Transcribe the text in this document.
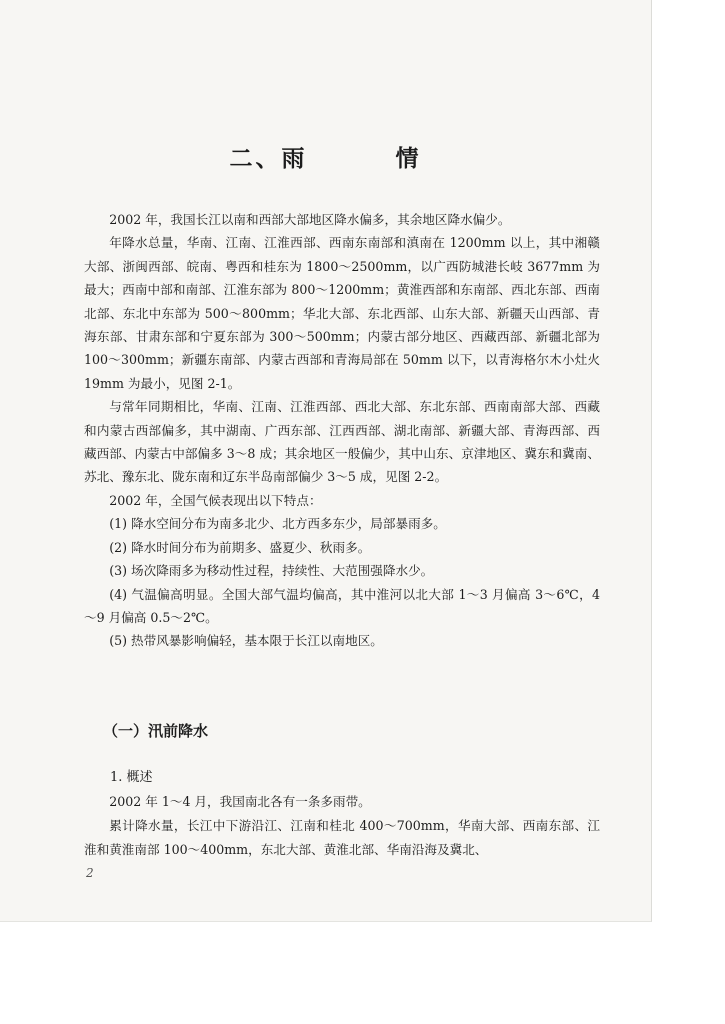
二、雨	情

2002 年，我国长江以南和西部大部地区降水偏多，其余地区降水偏少。

年降水总量，华南、江南、江淮西部、西南东南部和滇南在 1200mm 以上，其中湘赣大部、浙闽西部、皖南、粤西和桂东为 1800～2500mm，以广西防城港长岐 3677mm 为最大；西南中部和南部、江淮东部为 800～1200mm；黄淮西部和东南部、西北东部、西南北部、东北中东部为 500～800mm；华北大部、东北西部、山东大部、新疆天山西部、青海东部、甘肃东部和宁夏东部为 300～500mm；内蒙古部分地区、西藏西部、新疆北部为 100～300mm；新疆东南部、内蒙古西部和青海局部在 50mm 以下，以青海格尔木小灶火 19mm 为最小，见图 2-1。

与常年同期相比，华南、江南、江淮西部、西北大部、东北东部、西南南部大部、西藏和内蒙古西部偏多，其中湖南、广西东部、江西西部、湖北南部、新疆大部、青海西部、西藏西部、内蒙古中部偏多 3～8 成；其余地区一般偏少，其中山东、京津地区、冀东和冀南、苏北、豫东北、陇东南和辽东半岛南部偏少 3～5 成，见图 2-2。

2002 年，全国气候表现出以下特点：

(1) 降水空间分布为南多北少、北方西多东少，局部暴雨多。

(2) 降水时间分布为前期多、盛夏少、秋雨多。

(3) 场次降雨多为移动性过程，持续性、大范围强降水少。

(4) 气温偏高明显。全国大部气温均偏高，其中淮河以北大部 1～3 月偏高 3～6℃，4～9 月偏高 0.5～2℃。

(5) 热带风暴影响偏轻，基本限于长江以南地区。

（一）汛前降水
1. 概述

2002 年 1～4 月，我国南北各有一条多雨带。

累计降水量，长江中下游沿江、江南和桂北 400～700mm，华南大部、西南东部、江淮和黄淮南部 100～400mm，东北大部、黄淮北部、华南沿海及冀北、

2
